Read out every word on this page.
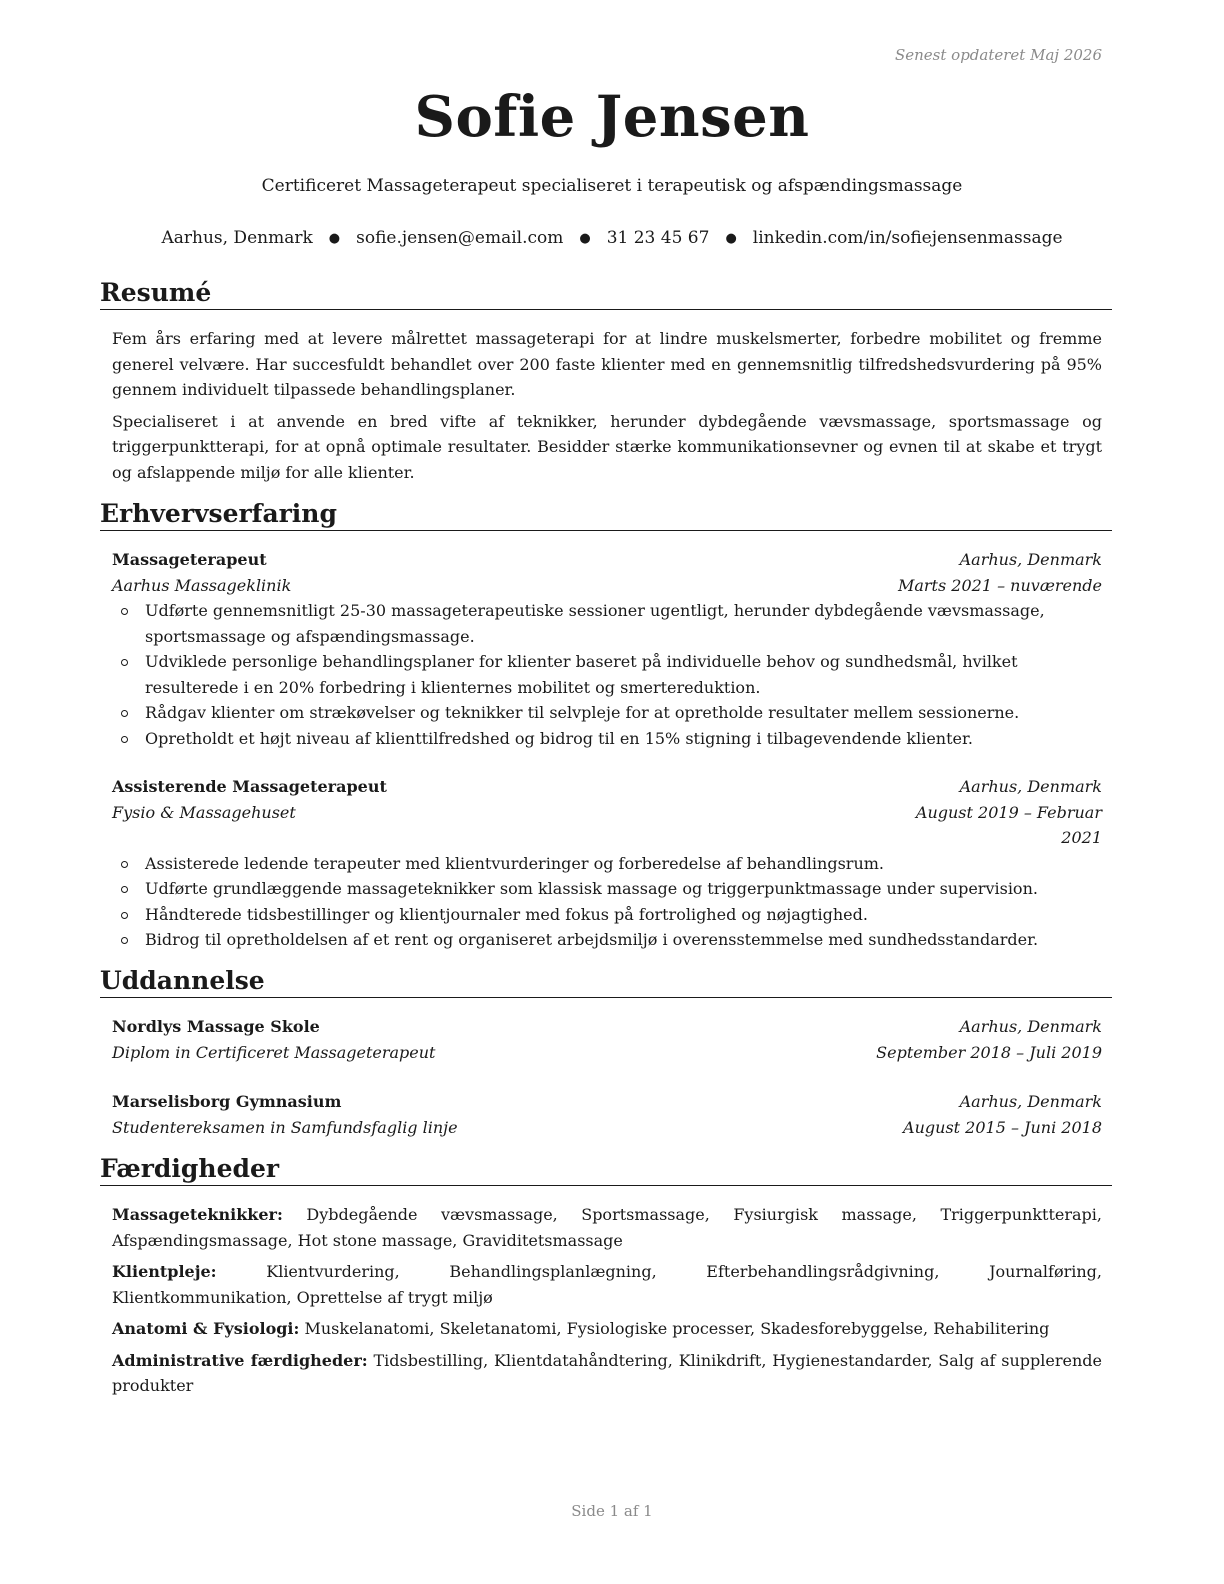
Senest opdateret Maj 2026
Sofie Jensen
Certificeret Massageterapeut specialiseret i terapeutisk og afspændingsmassage
Aarhus, Denmark ● sofie.jensen@email.com ● 31 23 45 67 ● linkedin.com/in/sofiejensenmassage
Resumé

Fem års erfaring med at levere målrettet massageterapi for at lindre muskelsmerter, forbedre mobilitet og fremme generel velvære. Har succesfuldt behandlet over 200 faste klienter med en gennemsnitlig tilfredshedsvurdering på 95% gennem individuelt tilpassede behandlingsplaner.

Specialiseret i at anvende en bred vifte af teknikker, herunder dybdegående vævsmassage, sportsmassage og triggerpunktterapi, for at opnå optimale resultater. Besidder stærke kommunikationsevner og evnen til at skabe et trygt og afslappende miljø for alle klienter.

Erhvervserfaring
Massageterapeut	Aarhus, Denmark
Aarhus Massageklinik	Marts 2021 – nuværende
Udførte gennemsnitligt 25-30 massageterapeutiske sessioner ugentligt, herunder dybdegående vævsmassage, sportsmassage og afspændingsmassage.
Udviklede personlige behandlingsplaner for klienter baseret på individuelle behov og sundhedsmål, hvilket resulterede i en 20% forbedring i klienternes mobilitet og smertereduktion.
Rådgav klienter om strækøvelser og teknikker til selvpleje for at opretholde resultater mellem sessionerne.
Opretholdt et højt niveau af klienttilfredshed og bidrog til en 15% stigning i tilbagevendende klienter.
Assisterende Massageterapeut	Aarhus, Denmark
Fysio & Massagehuset	August 2019 – Februar
2021
Assisterede ledende terapeuter med klientvurderinger og forberedelse af behandlingsrum.
Udførte grundlæggende massageteknikker som klassisk massage og triggerpunktmassage under supervision.
Håndterede tidsbestillinger og klientjournaler med fokus på fortrolighed og nøjagtighed.
Bidrog til opretholdelsen af et rent og organiseret arbejdsmiljø i overensstemmelse med sundhedsstandarder.
Uddannelse
Nordlys Massage Skole	Aarhus, Denmark
Diplom in Certificeret Massageterapeut	September 2018 – Juli 2019
Marselisborg Gymnasium	Aarhus, Denmark
Studentereksamen in Samfundsfaglig linje	August 2015 – Juni 2018
Færdigheder

Massageteknikker: Dybdegående vævsmassage, Sportsmassage, Fysiurgisk massage, Triggerpunktterapi, Afspændingsmassage, Hot stone massage, Graviditetsmassage

Klientpleje: Klientvurdering, Behandlingsplanlægning, Efterbehandlingsrådgivning, Journalføring, Klientkommunikation, Oprettelse af trygt miljø

Anatomi & Fysiologi: Muskelanatomi, Skeletanatomi, Fysiologiske processer, Skadesforebyggelse, Rehabilitering

Administrative færdigheder: Tidsbestilling, Klientdatahåndtering, Klinikdrift, Hygienestandarder, Salg af supplerende produkter

Side 1 af 1
